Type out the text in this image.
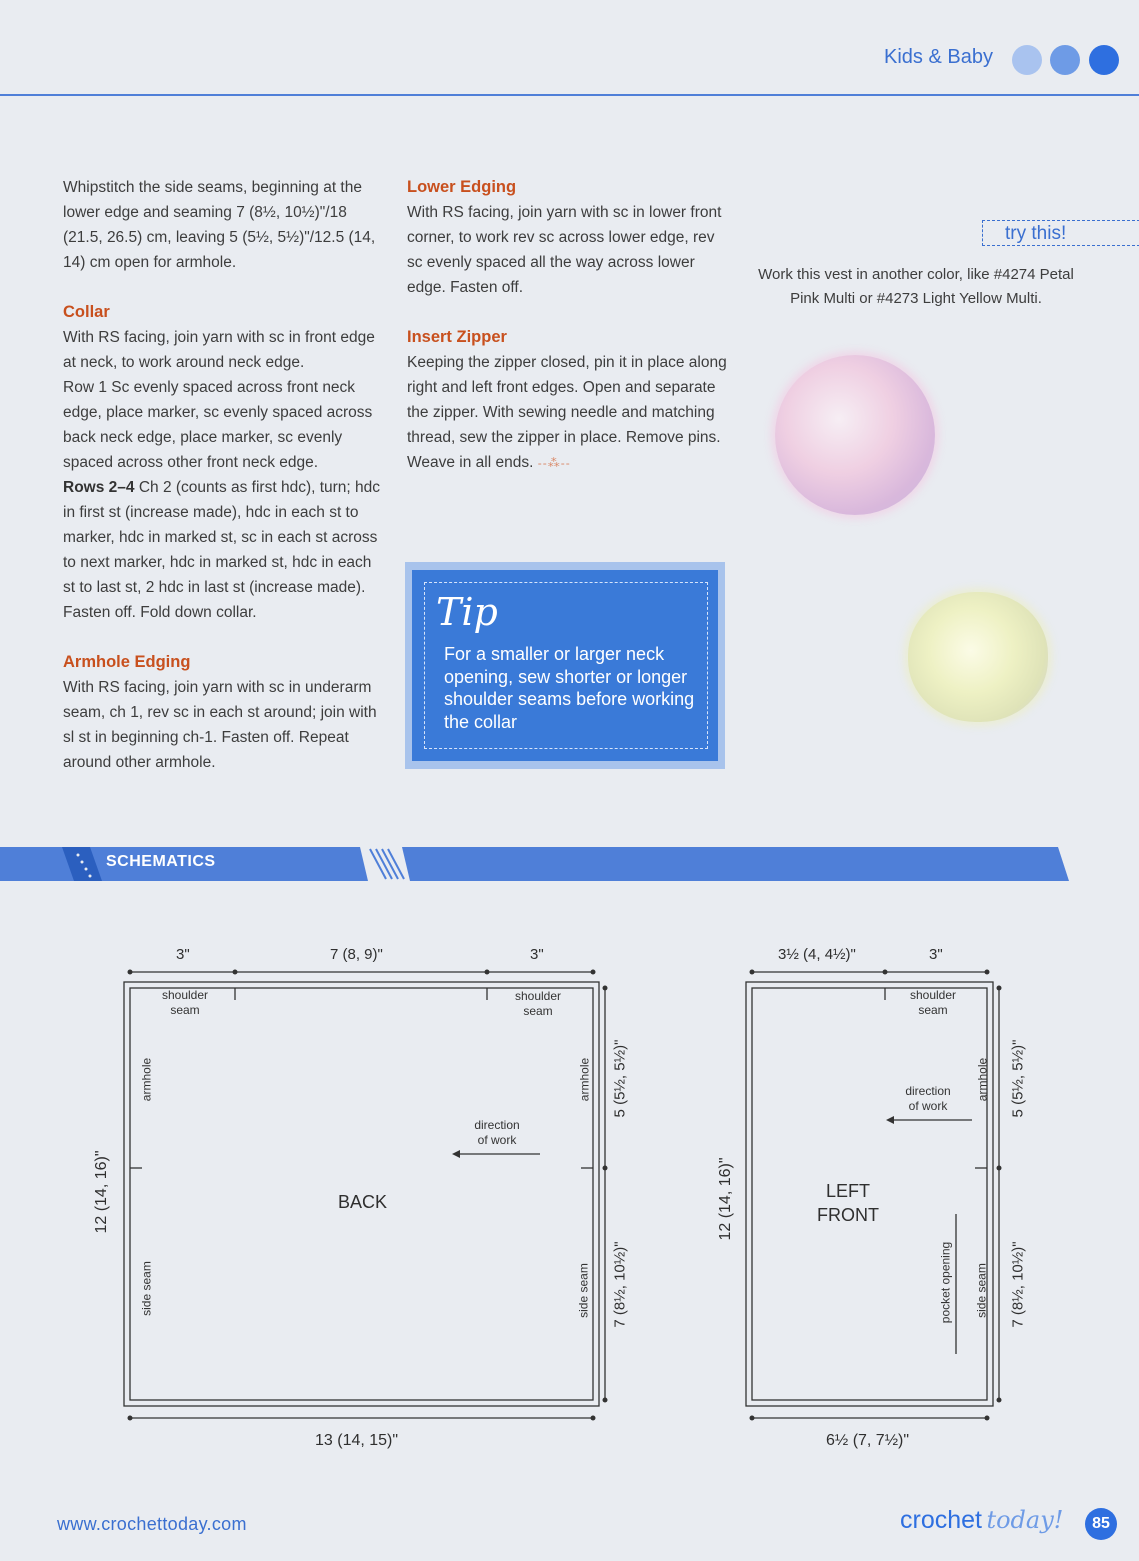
Kids & Baby

Whipstitch the side seams, beginning at the lower edge and seaming 7 (8½, 10½)"/18 (21.5, 26.5) cm, leaving 5 (5½, 5½)"/12.5 (14, 14) cm open for armhole.

Collar

With RS facing, join yarn with sc in front edge at neck, to work around neck edge.

Row 1 Sc evenly spaced across front neck edge, place marker, sc evenly spaced across back neck edge, place marker, sc evenly spaced across other front neck edge.

Rows 2–4 Ch 2 (counts as first hdc), turn; hdc in first st (increase made), hdc in each st to marker, hdc in marked st, sc in each st across to next marker, hdc in marked st, hdc in each st to last st, 2 hdc in last st (increase made). Fasten off. Fold down collar.

Armhole Edging

With RS facing, join yarn with sc in underarm seam, ch 1, rev sc in each st around; join with sl st in beginning ch-1. Fasten off. Repeat around other armhole.

Lower Edging

With RS facing, join yarn with sc in lower front corner, to work rev sc across lower edge, rev sc evenly spaced all the way across lower edge. Fasten off.

Insert Zipper

Keeping the zipper closed, pin it in place along right and left front edges. Open and separate the zipper. With sewing needle and matching thread, sew the zipper in place. Remove pins. Weave in all ends. ‐‐⁂‐‐

Tip
For a smaller or larger neck opening, sew shorter or longer shoulder seams before working the collar
try this!
Work this vest in another color, like #4274 Petal Pink Multi or #4273 Light Yellow Multi.
SCHEMATICS
3"	7 (8, 9)"	3"
shoulder seam
shoulder seam
armhole	armhole
side seam	side seam
direction of work
BACK
12 (14, 16)"
5 (5½, 5½)"
7 (8½, 10½)"
13 (14, 15)"
3½ (4, 4½)"	3"
shoulder seam
armhole
side seam
pocket opening
direction of work
LEFT
FRONT
12 (14, 16)"
5 (5½, 5½)"
7 (8½, 10½)"
6½ (7, 7½)"
www.crochettoday.com	crochet today!	85
